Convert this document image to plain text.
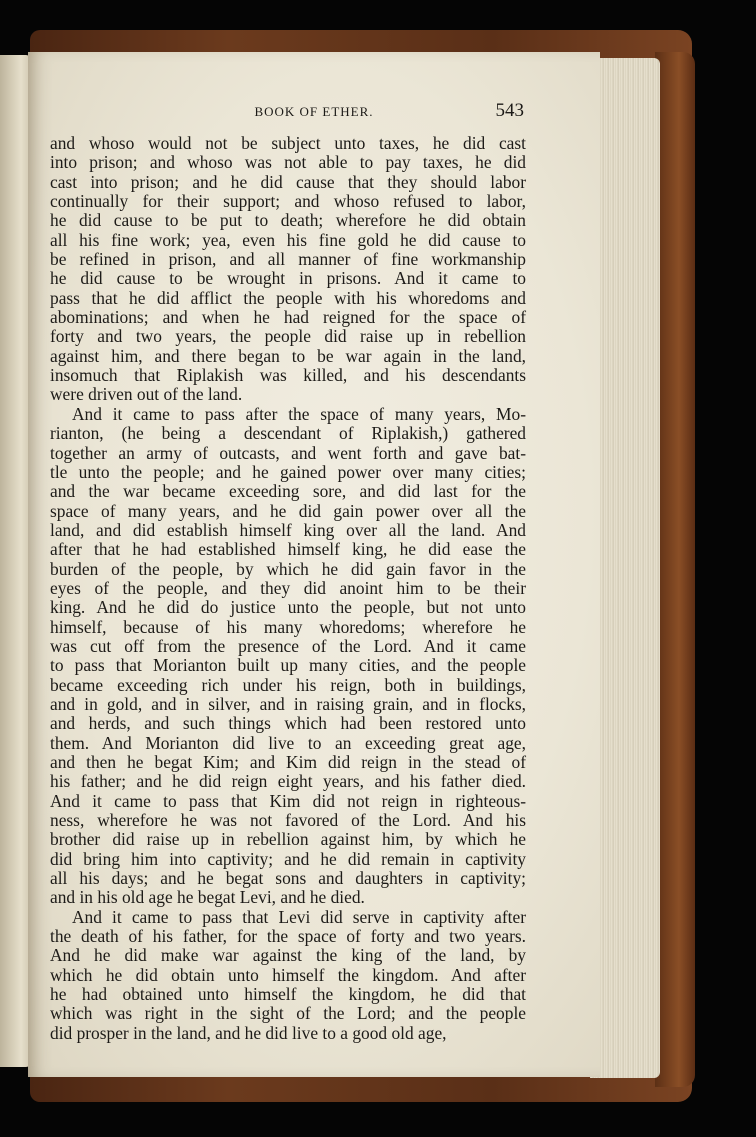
BOOK OF ETHER.	543
and whoso would not be subject unto taxes, he did cast
into prison; and whoso was not able to pay taxes, he did
cast into prison; and he did cause that they should labor
continually for their support; and whoso refused to labor,
he did cause to be put to death; wherefore he did obtain
all his fine work; yea, even his fine gold he did cause to
be refined in prison, and all manner of fine workmanship
he did cause to be wrought in prisons. And it came to
pass that he did afflict the people with his whoredoms and
abominations; and when he had reigned for the space of
forty and two years, the people did raise up in rebellion
against him, and there began to be war again in the land,
insomuch that Riplakish was killed, and his descendants
were driven out of the land.
And it came to pass after the space of many years, Mo-
rianton, (he being a descendant of Riplakish,) gathered
together an army of outcasts, and went forth and gave bat-
tle unto the people; and he gained power over many cities;
and the war became exceeding sore, and did last for the
space of many years, and he did gain power over all the
land, and did establish himself king over all the land. And
after that he had established himself king, he did ease the
burden of the people, by which he did gain favor in the
eyes of the people, and they did anoint him to be their
king. And he did do justice unto the people, but not unto
himself, because of his many whoredoms; wherefore he
was cut off from the presence of the Lord. And it came
to pass that Morianton built up many cities, and the people
became exceeding rich under his reign, both in buildings,
and in gold, and in silver, and in raising grain, and in flocks,
and herds, and such things which had been restored unto
them. And Morianton did live to an exceeding great age,
and then he begat Kim; and Kim did reign in the stead of
his father; and he did reign eight years, and his father died.
And it came to pass that Kim did not reign in righteous-
ness, wherefore he was not favored of the Lord. And his
brother did raise up in rebellion against him, by which he
did bring him into captivity; and he did remain in captivity
all his days; and he begat sons and daughters in captivity;
and in his old age he begat Levi, and he died.
And it came to pass that Levi did serve in captivity after
the death of his father, for the space of forty and two years.
And he did make war against the king of the land, by
which he did obtain unto himself the kingdom. And after
he had obtained unto himself the kingdom, he did that
which was right in the sight of the Lord; and the people
did prosper in the land, and he did live to a good old age,
